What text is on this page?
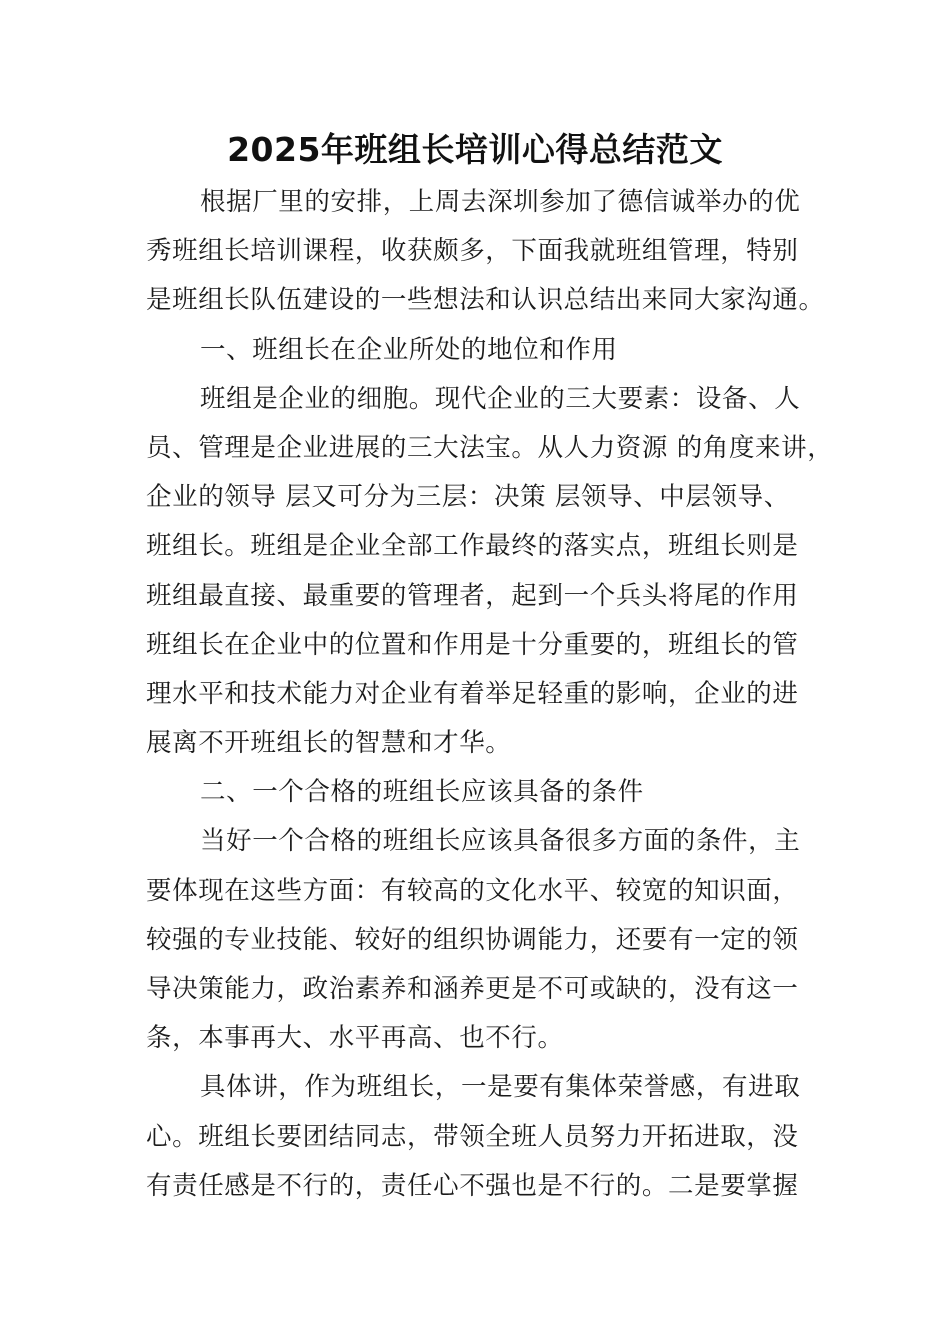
2025年班组长培训心得总结范文
根据厂里的安排，上周去深圳参加了德信诚举办的优
秀班组长培训课程，收获颇多，下面我就班组管理，特别
是班组长队伍建设的一些想法和认识总结出来同大家沟通。
一、班组长在企业所处的地位和作用
班组是企业的细胞。现代企业的三大要素：设备、人
员、管理是企业进展的三大法宝。从人力资源 的角度来讲，
企业的领导 层又可分为三层：决策 层领导、中层领导、
班组长。班组是企业全部工作最终的落实点，班组长则是
班组最直接、最重要的管理者，起到一个兵头将尾的作用
班组长在企业中的位置和作用是十分重要的，班组长的管
理水平和技术能力对企业有着举足轻重的影响，企业的进
展离不开班组长的智慧和才华。
二、一个合格的班组长应该具备的条件
当好一个合格的班组长应该具备很多方面的条件，主
要体现在这些方面：有较高的文化水平、较宽的知识面，
较强的专业技能、较好的组织协调能力，还要有一定的领
导决策能力，政治素养和涵养更是不可或缺的，没有这一
条，本事再大、水平再高、也不行。
具体讲，作为班组长，一是要有集体荣誉感，有进取
心。班组长要团结同志，带领全班人员努力开拓进取，没
有责任感是不行的，责任心不强也是不行的。二是要掌握
